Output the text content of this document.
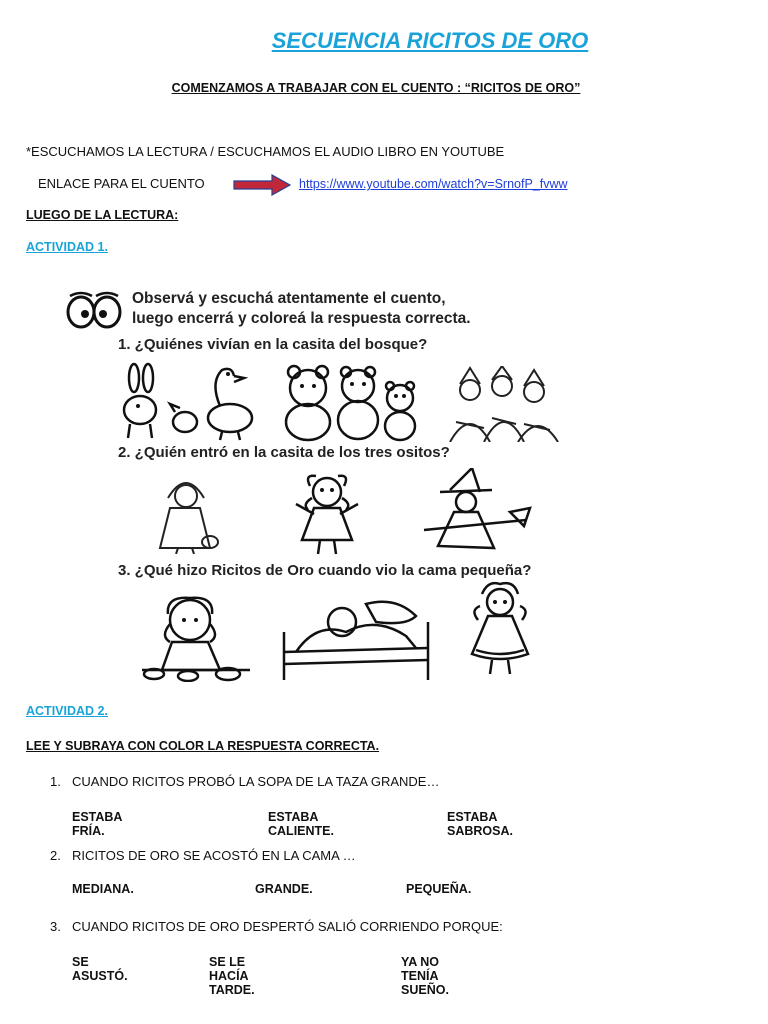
SECUENCIA RICITOS DE ORO
COMENZAMOS A TRABAJAR CON EL CUENTO : “RICITOS DE ORO”
*ESCUCHAMOS LA LECTURA / ESCUCHAMOS EL AUDIO LIBRO EN YOUTUBE
ENLACE PARA EL CUENTO	https://www.youtube.com/watch?v=SrnofP_fvww
LUEGO DE LA LECTURA:
ACTIVIDAD 1.
Observá y escuchá atentamente el cuento,
luego encerrá y coloreá la respuesta correcta.
1. ¿Quiénes vivían en la casita del bosque?
2. ¿Quién entró en la casita de los tres ositos?
3. ¿Qué hizo Ricitos de Oro cuando vio la cama pequeña?
ACTIVIDAD 2.
LEE Y SUBRAYA CON COLOR LA RESPUESTA CORRECTA.
1. CUANDO RICITOS PROBÓ LA SOPA DE LA TAZA GRANDE…
ESTABA FRÍA.
ESTABA CALIENTE.
ESTABA SABROSA.
2. RICITOS DE ORO SE ACOSTÓ EN LA CAMA …
MEDIANA.	GRANDE.	PEQUEÑA.
3. CUANDO RICITOS DE ORO DESPERTÓ SALIÓ CORRIENDO PORQUE:
SE ASUSTÓ.
SE LE HACÍA TARDE.
YA NO TENÍA SUEÑO.
